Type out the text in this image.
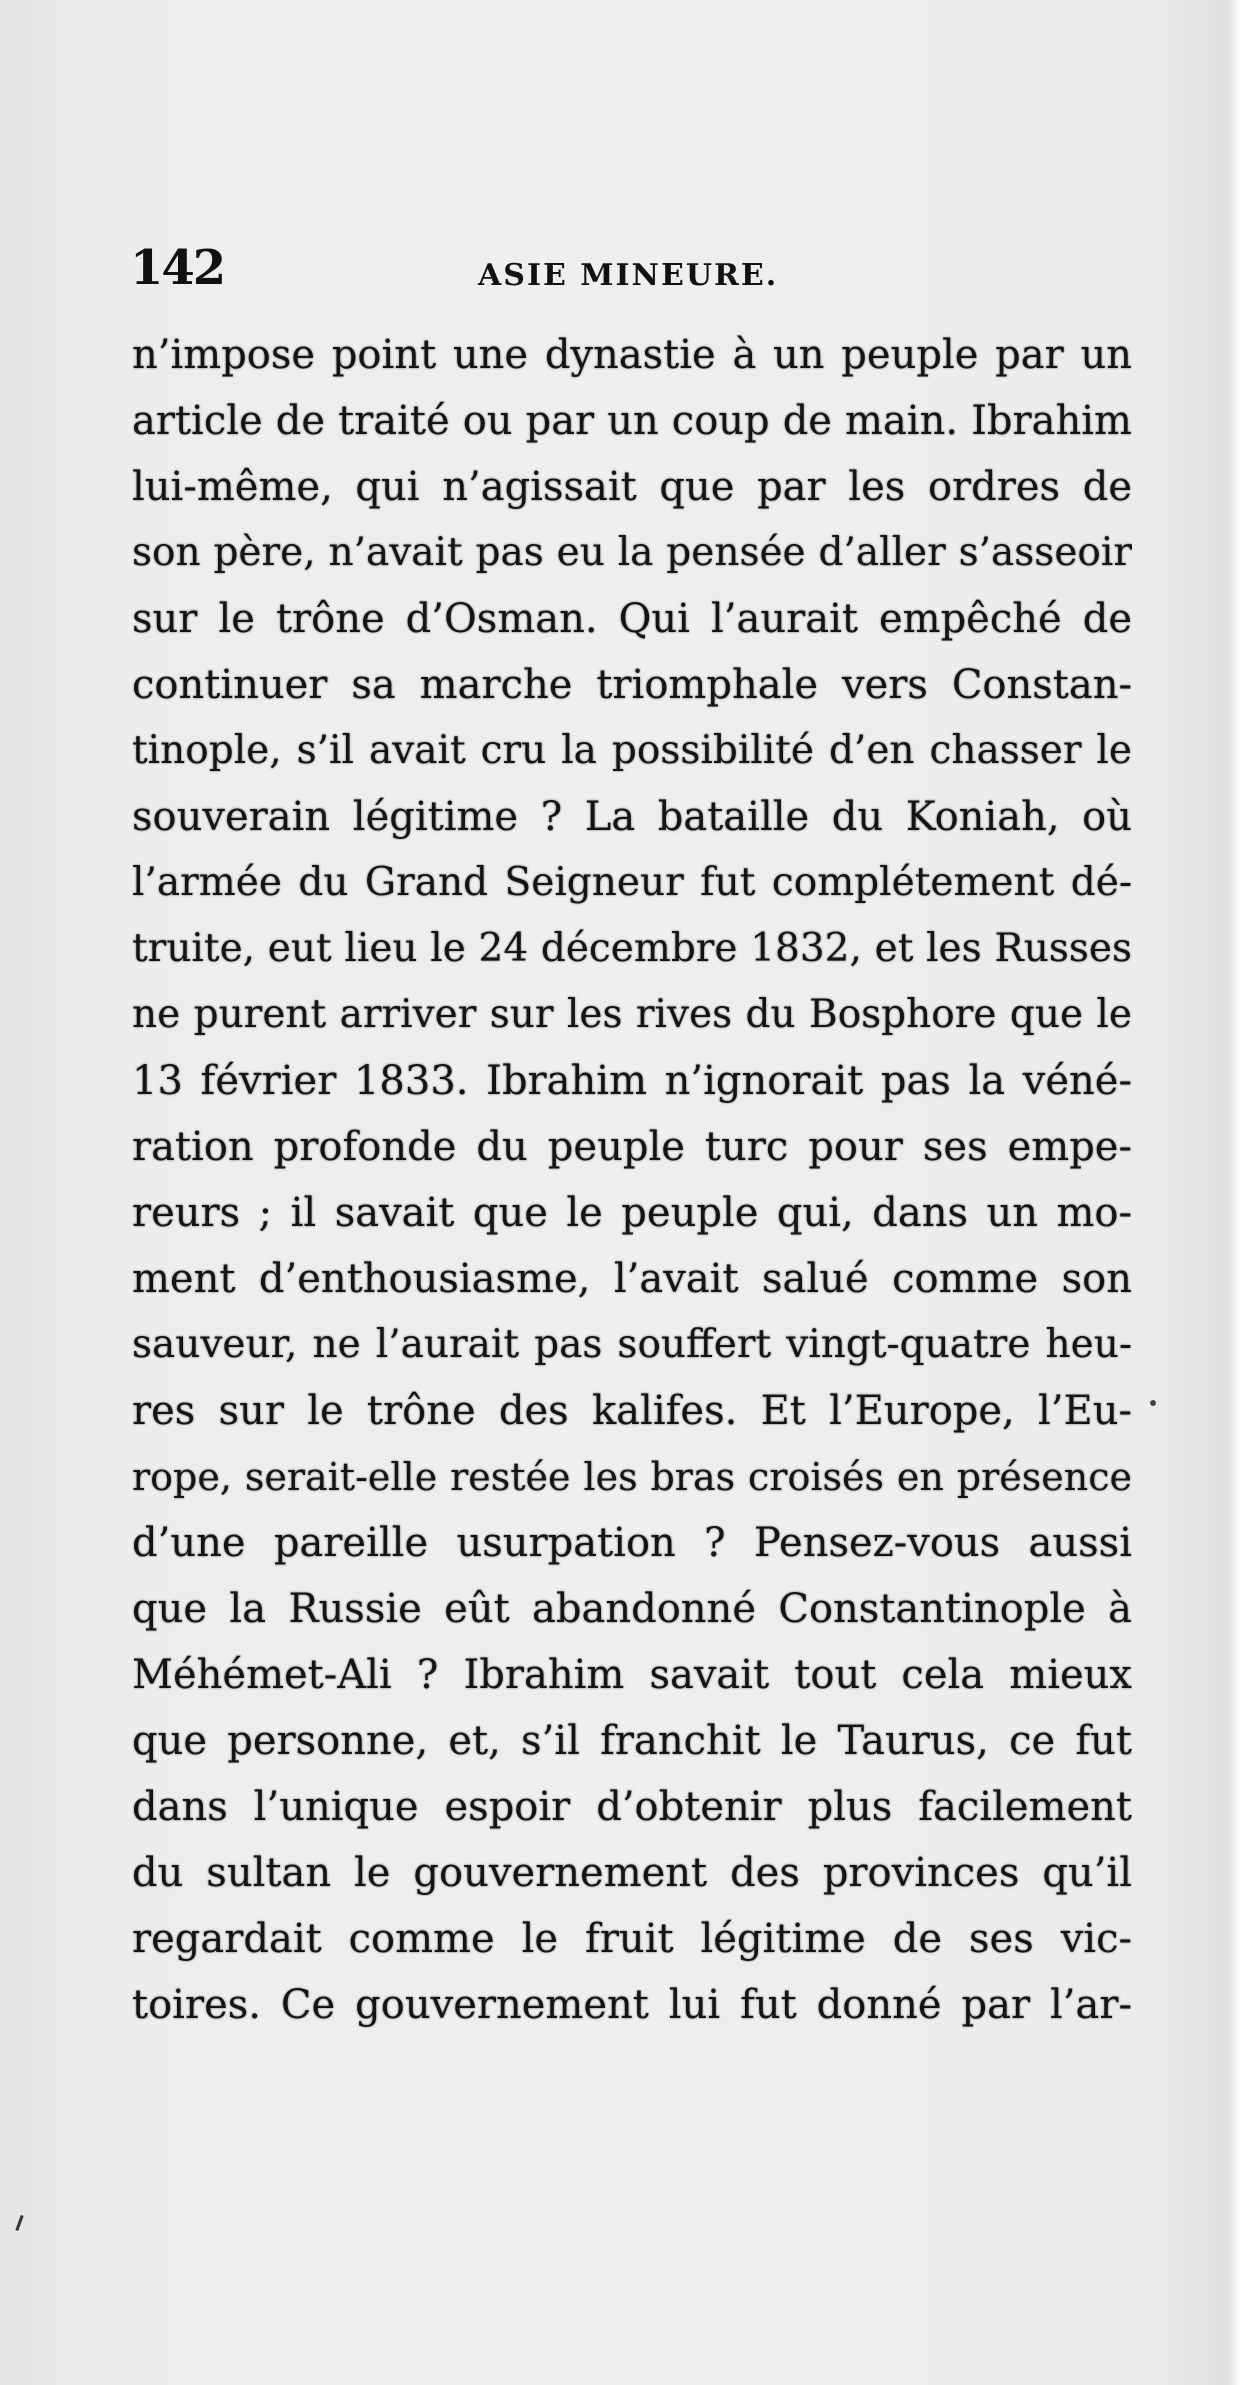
142	ASIE MINEURE.
n’impose point une dynastie à un peuple par un
article de traité ou par un coup de main. Ibrahim
lui-même, qui n’agissait que par les ordres de
son père, n’avait pas eu la pensée d’aller s’asseoir
sur le trône d’Osman. Qui l’aurait empêché de
continuer sa marche triomphale vers Constan-
tinople, s’il avait cru la possibilité d’en chasser le
souverain légitime ? La bataille du Koniah, où
l’armée du Grand Seigneur fut complétement dé-
truite, eut lieu le 24 décembre 1832, et les Russes
ne purent arriver sur les rives du Bosphore que le
13 février 1833. Ibrahim n’ignorait pas la véné-
ration profonde du peuple turc pour ses empe-
reurs ; il savait que le peuple qui, dans un mo-
ment d’enthousiasme, l’avait salué comme son
sauveur, ne l’aurait pas souffert vingt-quatre heu-
res sur le trône des kalifes. Et l’Europe, l’Eu-
rope, serait-elle restée les bras croisés en présence
d’une pareille usurpation ? Pensez-vous aussi
que la Russie eût abandonné Constantinople à
Méhémet-Ali ? Ibrahim savait tout cela mieux
que personne, et, s’il franchit le Taurus, ce fut
dans l’unique espoir d’obtenir plus facilement
du sultan le gouvernement des provinces qu’il
regardait comme le fruit légitime de ses vic-
toires. Ce gouvernement lui fut donné par l’ar-
